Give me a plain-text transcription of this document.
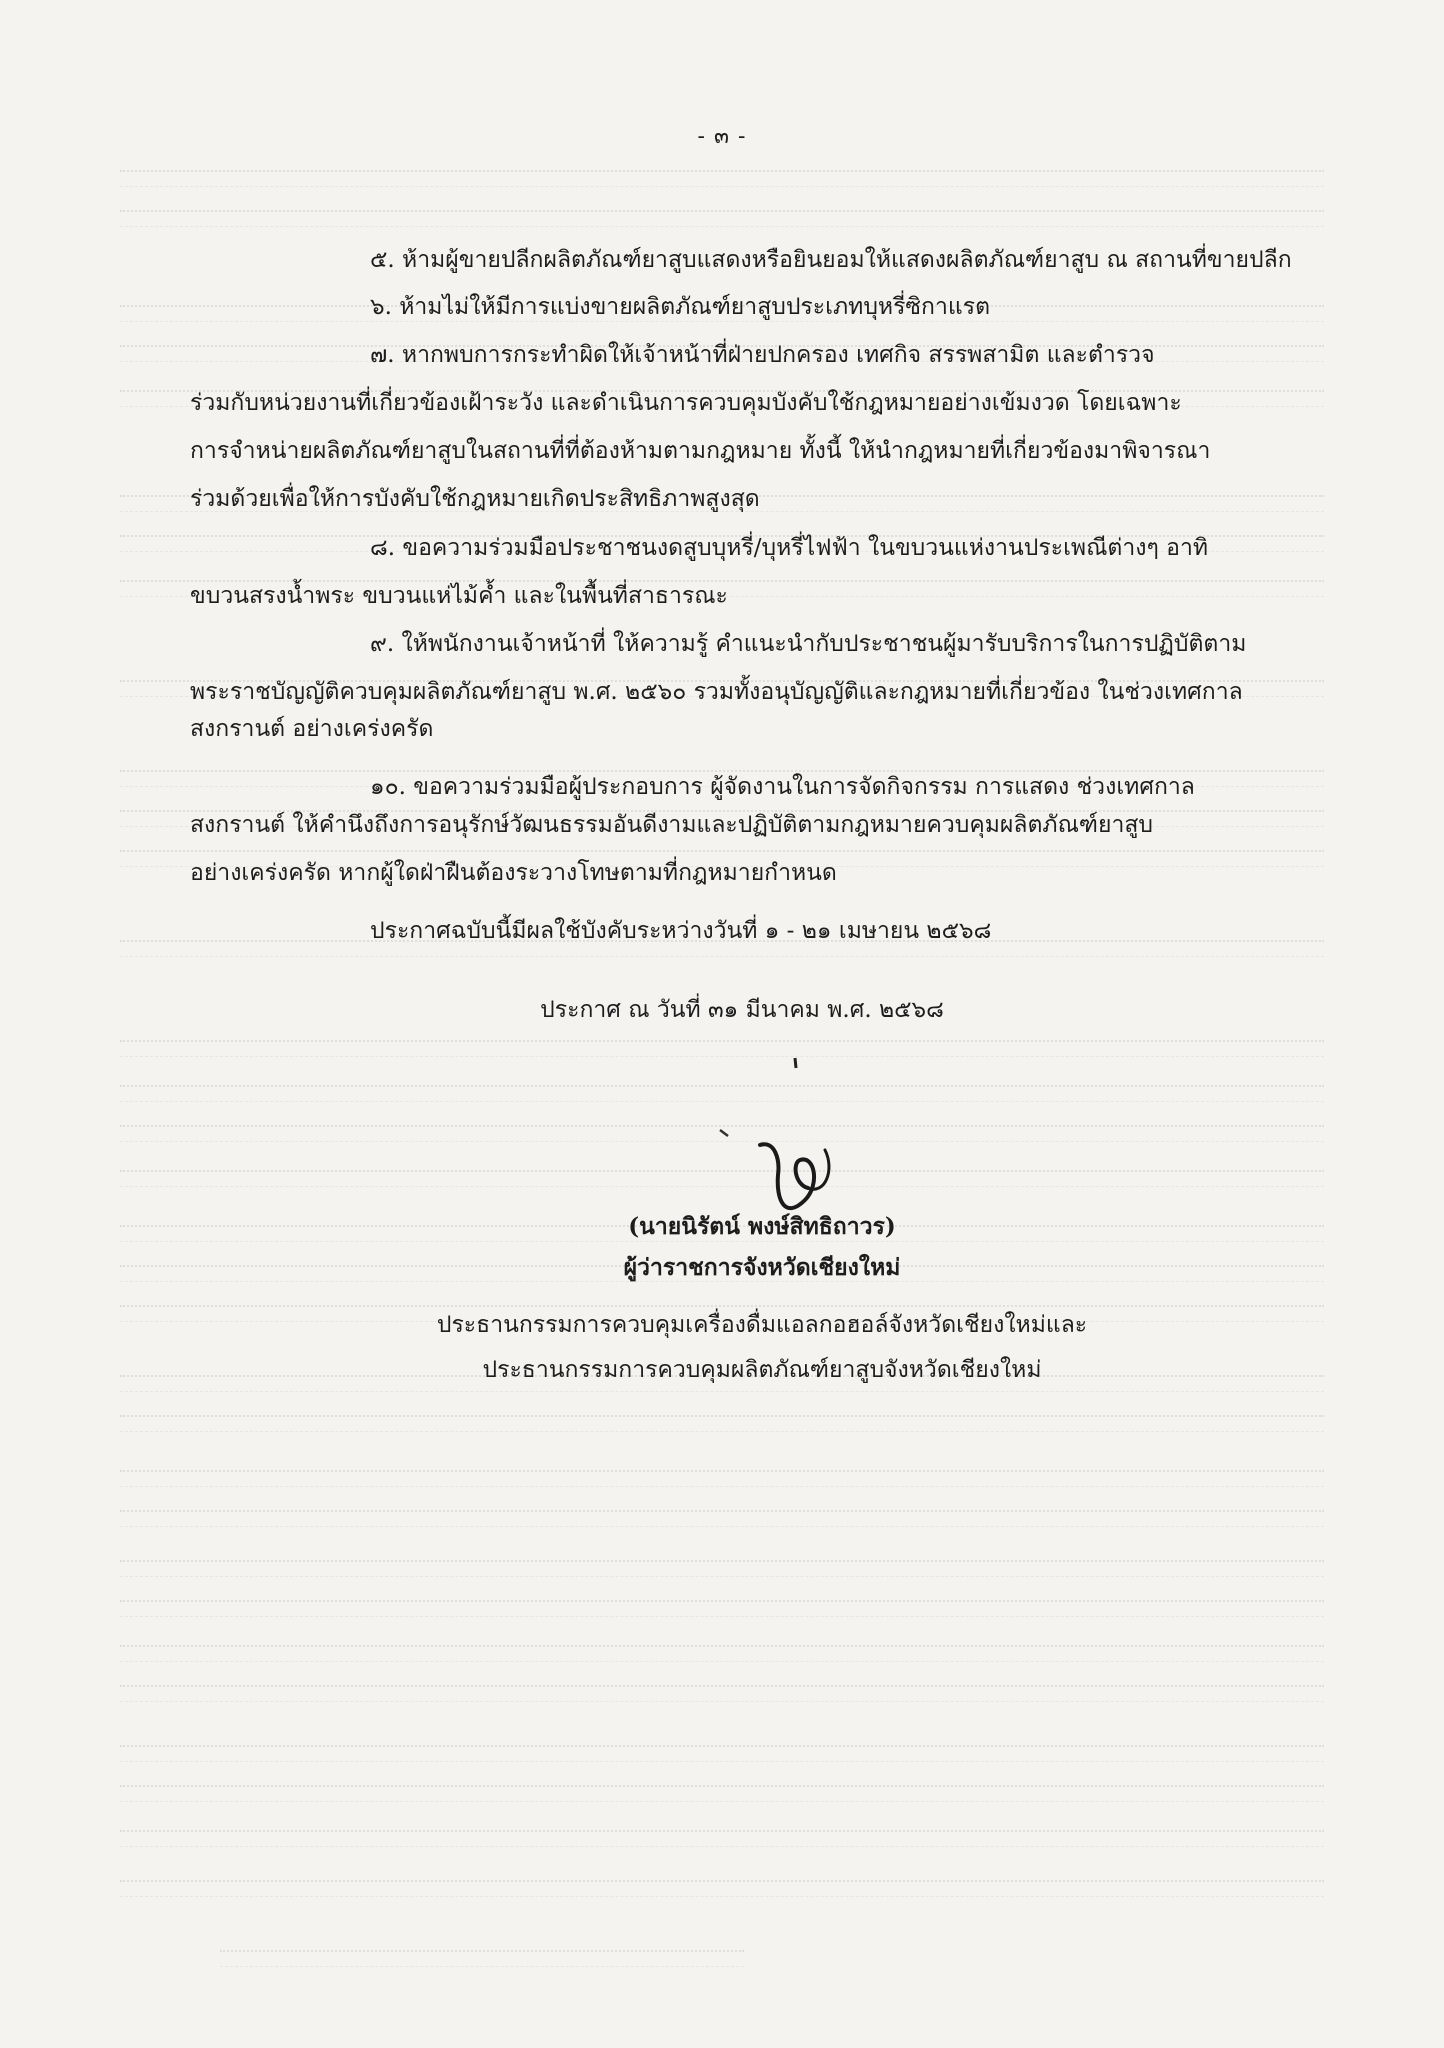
- ๓ -
๕. ห้ามผู้ขายปลีกผลิตภัณฑ์ยาสูบแสดงหรือยินยอมให้แสดงผลิตภัณฑ์ยาสูบ ณ สถานที่ขายปลีก
๖. ห้ามไม่ให้มีการแบ่งขายผลิตภัณฑ์ยาสูบประเภทบุหรี่ซิกาแรต
๗. หากพบการกระทำผิดให้เจ้าหน้าที่ฝ่ายปกครอง เทศกิจ สรรพสามิต และตำรวจ
ร่วมกับหน่วยงานที่เกี่ยวข้องเฝ้าระวัง และดำเนินการควบคุมบังคับใช้กฎหมายอย่างเข้มงวด โดยเฉพาะ
การจำหน่ายผลิตภัณฑ์ยาสูบในสถานที่ที่ต้องห้ามตามกฎหมาย ทั้งนี้ ให้นำกฎหมายที่เกี่ยวข้องมาพิจารณา
ร่วมด้วยเพื่อให้การบังคับใช้กฎหมายเกิดประสิทธิภาพสูงสุด
๘. ขอความร่วมมือประชาชนงดสูบบุหรี่/บุหรี่ไฟฟ้า ในขบวนแห่งานประเพณีต่างๆ อาทิ
ขบวนสรงน้ำพระ ขบวนแห่ไม้ค้ำ และในพื้นที่สาธารณะ
๙. ให้พนักงานเจ้าหน้าที่ ให้ความรู้ คำแนะนำกับประชาชนผู้มารับบริการในการปฏิบัติตาม
พระราชบัญญัติควบคุมผลิตภัณฑ์ยาสูบ พ.ศ. ๒๕๖๐ รวมทั้งอนุบัญญัติและกฎหมายที่เกี่ยวข้อง ในช่วงเทศกาล
สงกรานต์ อย่างเคร่งครัด
๑๐. ขอความร่วมมือผู้ประกอบการ ผู้จัดงานในการจัดกิจกรรม การแสดง ช่วงเทศกาล
สงกรานต์ ให้คำนึงถึงการอนุรักษ์วัฒนธรรมอันดีงามและปฏิบัติตามกฎหมายควบคุมผลิตภัณฑ์ยาสูบ
อย่างเคร่งครัด หากผู้ใดฝ่าฝืนต้องระวางโทษตามที่กฎหมายกำหนด
ประกาศฉบับนี้มีผลใช้บังคับระหว่างวันที่ ๑ - ๒๑ เมษายน ๒๕๖๘
ประกาศ ณ วันที่ ๓๑ มีนาคม พ.ศ. ๒๕๖๘
(นายนิรัตน์ พงษ์สิทธิถาวร)
ผู้ว่าราชการจังหวัดเชียงใหม่
ประธานกรรมการควบคุมเครื่องดื่มแอลกอฮอล์จังหวัดเชียงใหม่และ
ประธานกรรมการควบคุมผลิตภัณฑ์ยาสูบจังหวัดเชียงใหม่
